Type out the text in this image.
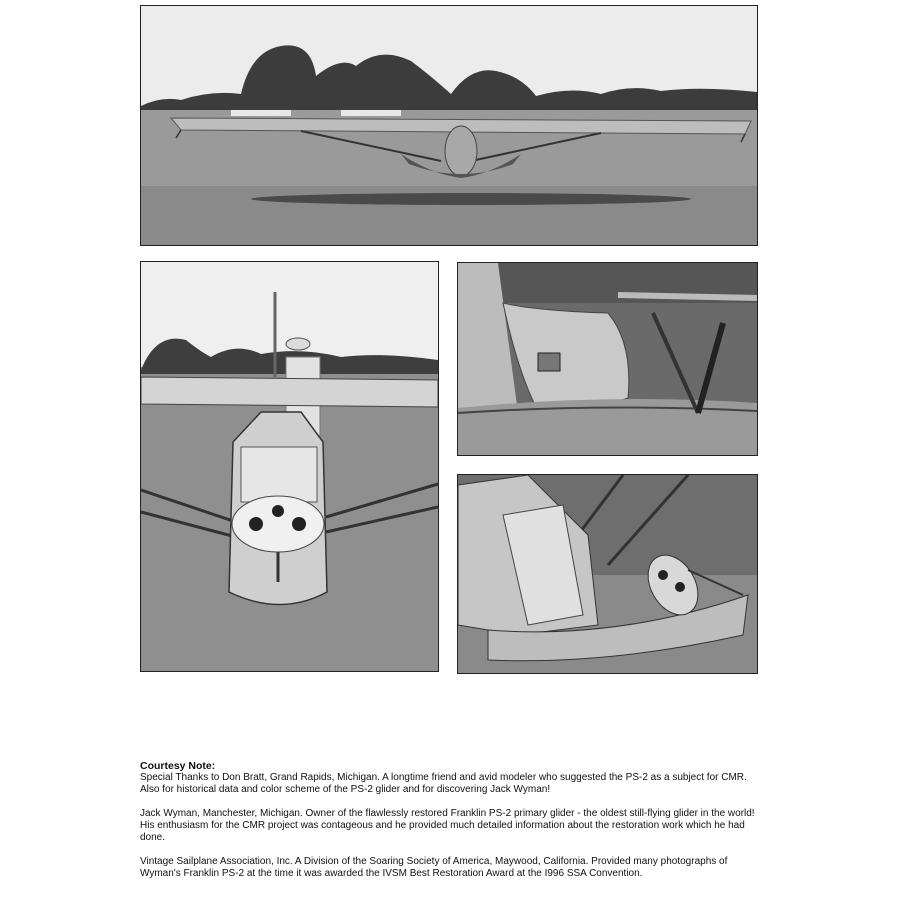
Courtesy Note:

Special Thanks to Don Bratt, Grand Rapids, Michigan. A longtime friend and avid modeler who suggested the PS-2 as a subject for CMR.

Also for historical data and color scheme of the PS-2 glider and for discovering Jack Wyman!

Jack Wyman, Manchester, Michigan. Owner of the flawlessly restored Franklin PS-2 primary glider - the oldest still-flying glider in the world! His enthusiasm for the CMR project was contageous and he provided much detailed information about the restoration work which he had done.

Vintage Sailplane Association, Inc. A Division of the Soaring Society of America, Maywood, California. Provided many photographs of Wyman's Franklin PS-2 at the time it was awarded the IVSM Best Restoration Award at the I996 SSA Convention.
